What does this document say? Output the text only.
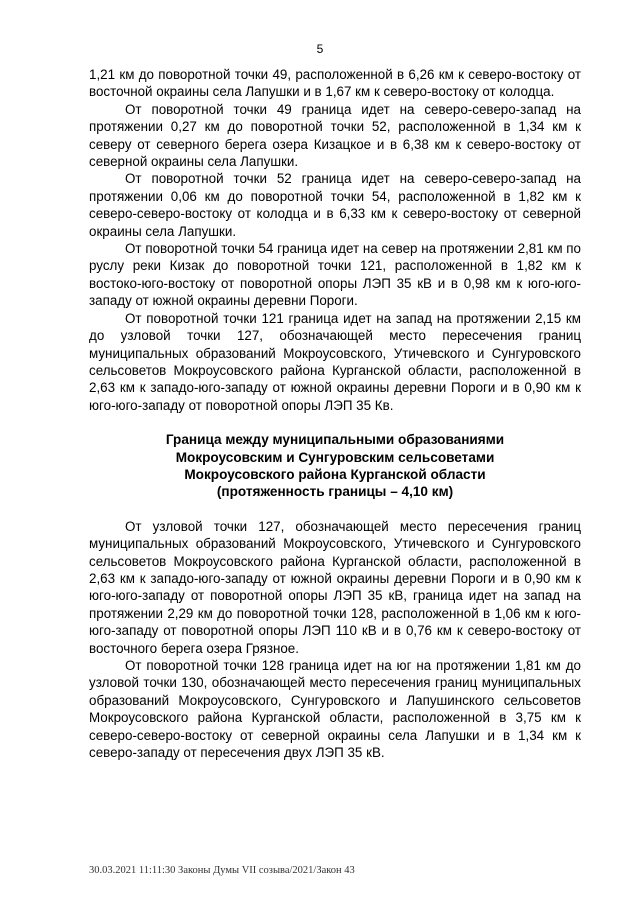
5

1,21 км до поворотной точки 49, расположенной в 6,26 км к северо-востоку от восточной окраины села Лапушки и в 1,67 км к северо-востоку от колодца.

От поворотной точки 49 граница идет на северо-северо-запад на протяжении 0,27 км до поворотной точки 52, расположенной в 1,34 км к северу от северного берега озера Кизацкое и в 6,38 км к северо-востоку от северной окраины села Лапушки.

От поворотной точки 52 граница идет на северо-северо-запад на протяжении 0,06 км до поворотной точки 54, расположенной в 1,82 км к северо-северо-востоку от колодца и в 6,33 км к северо-востоку от северной окраины села Лапушки.

От поворотной точки 54 граница идет на север на протяжении 2,81 км по руслу реки Кизак до поворотной точки 121, расположенной в 1,82 км к востоко-юго-востоку от поворотной опоры ЛЭП 35 кВ и в 0,98 км к юго-юго-западу от южной окраины деревни Пороги.

От поворотной точки 121 граница идет на запад на протяжении 2,15 км до узловой точки 127, обозначающей место пересечения границ муниципальных образований Мокроусовского, Утичевского и Сунгуровского сельсоветов Мокроусовского района Курганской области, расположенной в 2,63 км к западо-юго-западу от южной окраины деревни Пороги и в 0,90 км к юго-юго-западу от поворотной опоры ЛЭП 35 Кв.

Граница между муниципальными образованиями
Мокроусовским и Сунгуровским сельсоветами
Мокроусовского района Курганской области
(протяженность границы – 4,10 км)

От узловой точки 127, обозначающей место пересечения границ муниципальных образований Мокроусовского, Утичевского и Сунгуровского сельсоветов Мокроусовского района Курганской области, расположенной в 2,63 км к западо-юго-западу от южной окраины деревни Пороги и в 0,90 км к юго-юго-западу от поворотной опоры ЛЭП 35 кВ, граница идет на запад на протяжении 2,29 км до поворотной точки 128, расположенной в 1,06 км к юго-юго-западу от поворотной опоры ЛЭП 110 кВ и в 0,76 км к северо-востоку от восточного берега озера Грязное.

От поворотной точки 128 граница идет на юг на протяжении 1,81 км до узловой точки 130, обозначающей место пересечения границ муниципальных образований Мокроусовского, Сунгуровского и Лапушинского сельсоветов Мокроусовского района Курганской области, расположенной в 3,75 км к северо-северо-востоку от северной окраины села Лапушки и в 1,34 км к северо-западу от пересечения двух ЛЭП 35 кВ.

30.03.2021 11:11:30 Законы Думы VII созыва/2021/Закон 43
